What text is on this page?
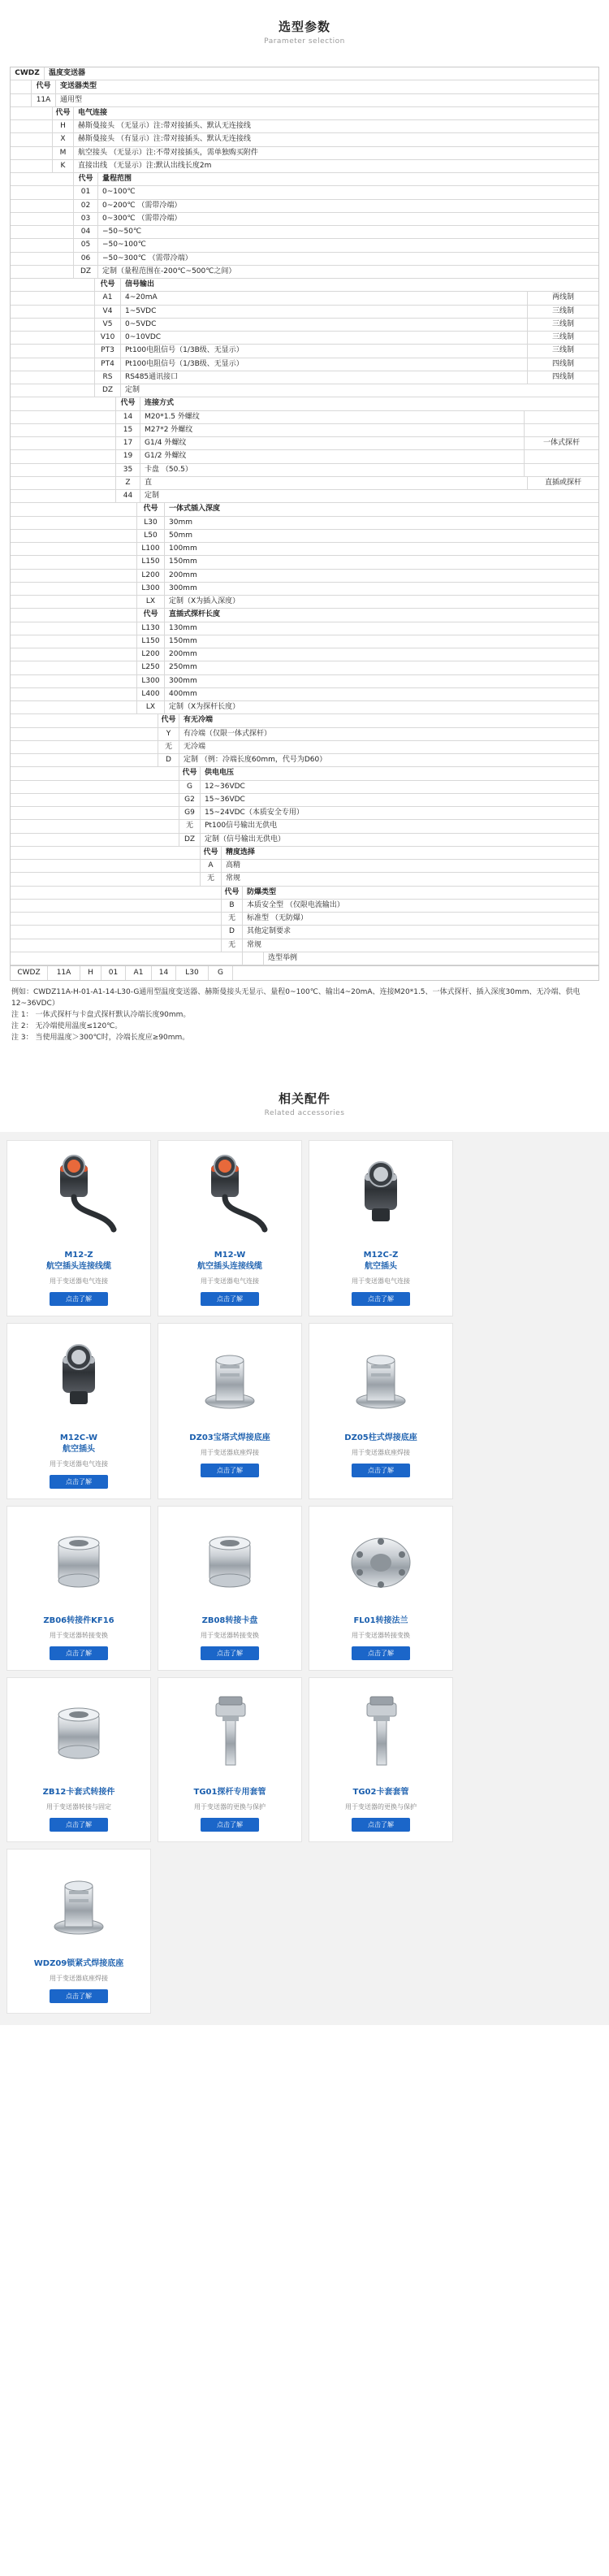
选型参数
Parameter selection
CWDZ	温度变送器
代号	变送器类型
11A	通用型
代号	电气连接
H	赫斯曼接头 （无显示）注:带对接插头、默认无连接线
X	赫斯曼接头 （有显示）注:带对接插头、默认无连接线
M	航空接头 （无显示）注:不带对接插头，需单独购买附件
K	直接出线 （无显示）注:默认出线长度2m
代号	量程范围
01	0~100℃
02	0~200℃ （需带冷端）
03	0~300℃ （需带冷端）
04	−50~50℃
05	−50~100℃
06	−50~300℃ （需带冷端）
DZ	定制（量程范围在-200℃~500℃之间）
代号	信号输出
A1	4~20mA	两线制
V4	1~5VDC	三线制
V5	0~5VDC	三线制
V10	0~10VDC	三线制
PT3	Pt100电阻信号（1/3B级、无显示）	三线制
PT4	Pt100电阻信号（1/3B级、无显示）	四线制
RS	RS485通讯接口	四线制
DZ	定制
代号	连接方式
14	M20*1.5 外螺纹
15	M27*2 外螺纹
17	G1/4 外螺纹	一体式探杆
19	G1/2 外螺纹
35	卡盘 （50.5）
Z	直	直插或探杆
44	定制
代号	一体式插入深度
L30	30mm
L50	50mm
L100	100mm
L150	150mm
L200	200mm
L300	300mm
LX	定制（X为插入深度）
代号	直插式探杆长度
L130	130mm
L150	150mm
L200	200mm
L250	250mm
L300	300mm
L400	400mm
LX	定制（X为探杆长度）
代号	有无冷端
Y	有冷端（仅限一体式探杆）
无	无冷端
D	定制 （例：冷端长度60mm，代号为D60）
代号	供电电压
G	12~36VDC
G2	15~36VDC
G9	15~24VDC（本质安全专用）
无	Pt100信号输出无供电
DZ	定制（信号输出无供电）
代号	精度选择
A	高精
无	常规
代号	防爆类型
B	本质安全型 （仅限电流输出）
无	标准型 （无防爆）
D	其他定制要求
无	常规
选型举例
CWDZ	11A	H	01	A1	14	L30	G
例如：CWDZ11A-H-01-A1-14-L30-G通用型温度变送器、赫斯曼接头无显示、量程0~100℃、输出4~20mA、连接M20*1.5、一体式探杆、插入深度30mm、无冷端、供电12~36VDC）
注 1： 一体式探杆与卡盘式探杆默认冷端长度90mm。
注 2： 无冷端使用温度≤120℃。
注 3： 当使用温度＞300℃时，冷端长度应≥90mm。
相关配件
Related accessories
M12-Z
航空插头连接线缆
用于变送器电气连接
点击了解
M12-W
航空插头连接线缆
用于变送器电气连接
点击了解
M12C-Z
航空插头
用于变送器电气连接
点击了解
M12C-W
航空插头
用于变送器电气连接
点击了解
DZ03宝塔式焊接底座
用于变送器底座焊接
点击了解
DZ05柱式焊接底座
用于变送器底座焊接
点击了解
ZB06转接件KF16
用于变送器转接变换
点击了解
ZB08转接卡盘
用于变送器转接变换
点击了解
FL01转接法兰
用于变送器转接变换
点击了解
ZB12卡套式转接件
用于变送器转接与固定
点击了解
TG01探杆专用套管
用于变送器的更换与保护
点击了解
TG02卡套套管
用于变送器的更换与保护
点击了解
WDZ09锁紧式焊接底座
用于变送器底座焊接
点击了解
